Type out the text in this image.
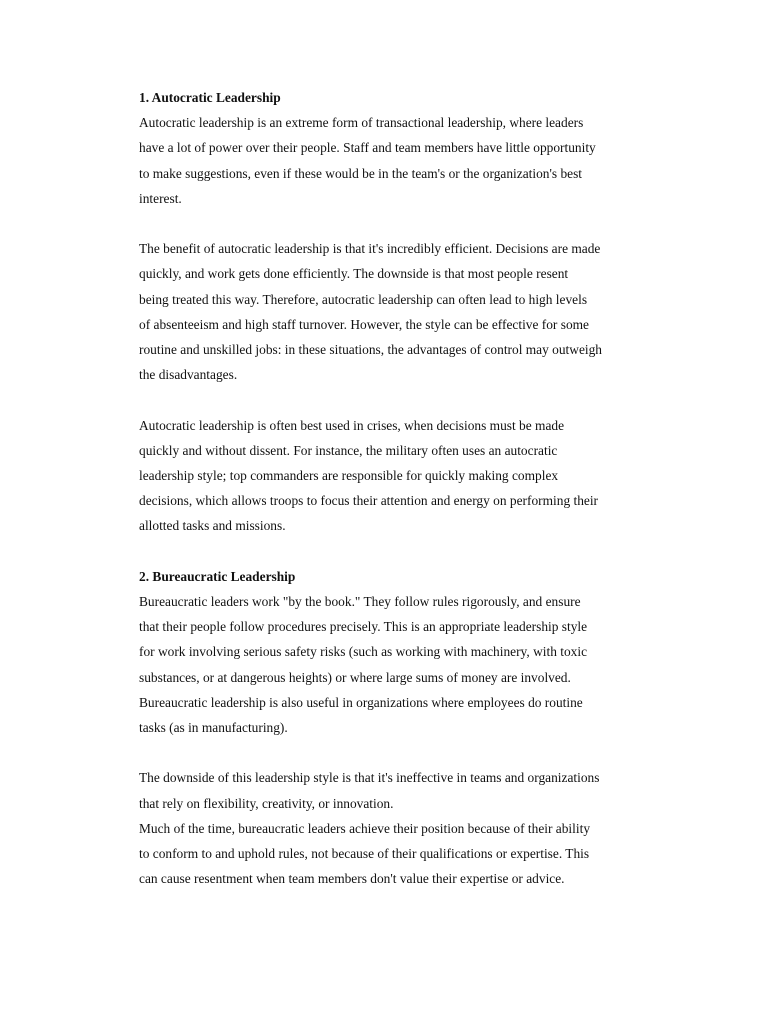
1. Autocratic Leadership

Autocratic leadership is an extreme form of transactional leadership, where leaders
have a lot of power over their people. Staff and team members have little opportunity
to make suggestions, even if these would be in the team's or the organization's best
interest.

The benefit of autocratic leadership is that it's incredibly efficient. Decisions are made
quickly, and work gets done efficiently. The downside is that most people resent
being treated this way. Therefore, autocratic leadership can often lead to high levels
of absenteeism and high staff turnover. However, the style can be effective for some
routine and unskilled jobs: in these situations, the advantages of control may outweigh
the disadvantages.

Autocratic leadership is often best used in crises, when decisions must be made
quickly and without dissent. For instance, the military often uses an autocratic
leadership style; top commanders are responsible for quickly making complex
decisions, which allows troops to focus their attention and energy on performing their
allotted tasks and missions.

2. Bureaucratic Leadership

Bureaucratic leaders work "by the book." They follow rules rigorously, and ensure
that their people follow procedures precisely. This is an appropriate leadership style
for work involving serious safety risks (such as working with machinery, with toxic
substances, or at dangerous heights) or where large sums of money are involved.
Bureaucratic leadership is also useful in organizations where employees do routine
tasks (as in manufacturing).

The downside of this leadership style is that it's ineffective in teams and organizations
that rely on flexibility, creativity, or innovation.

Much of the time, bureaucratic leaders achieve their position because of their ability
to conform to and uphold rules, not because of their qualifications or expertise. This
can cause resentment when team members don't value their expertise or advice.
